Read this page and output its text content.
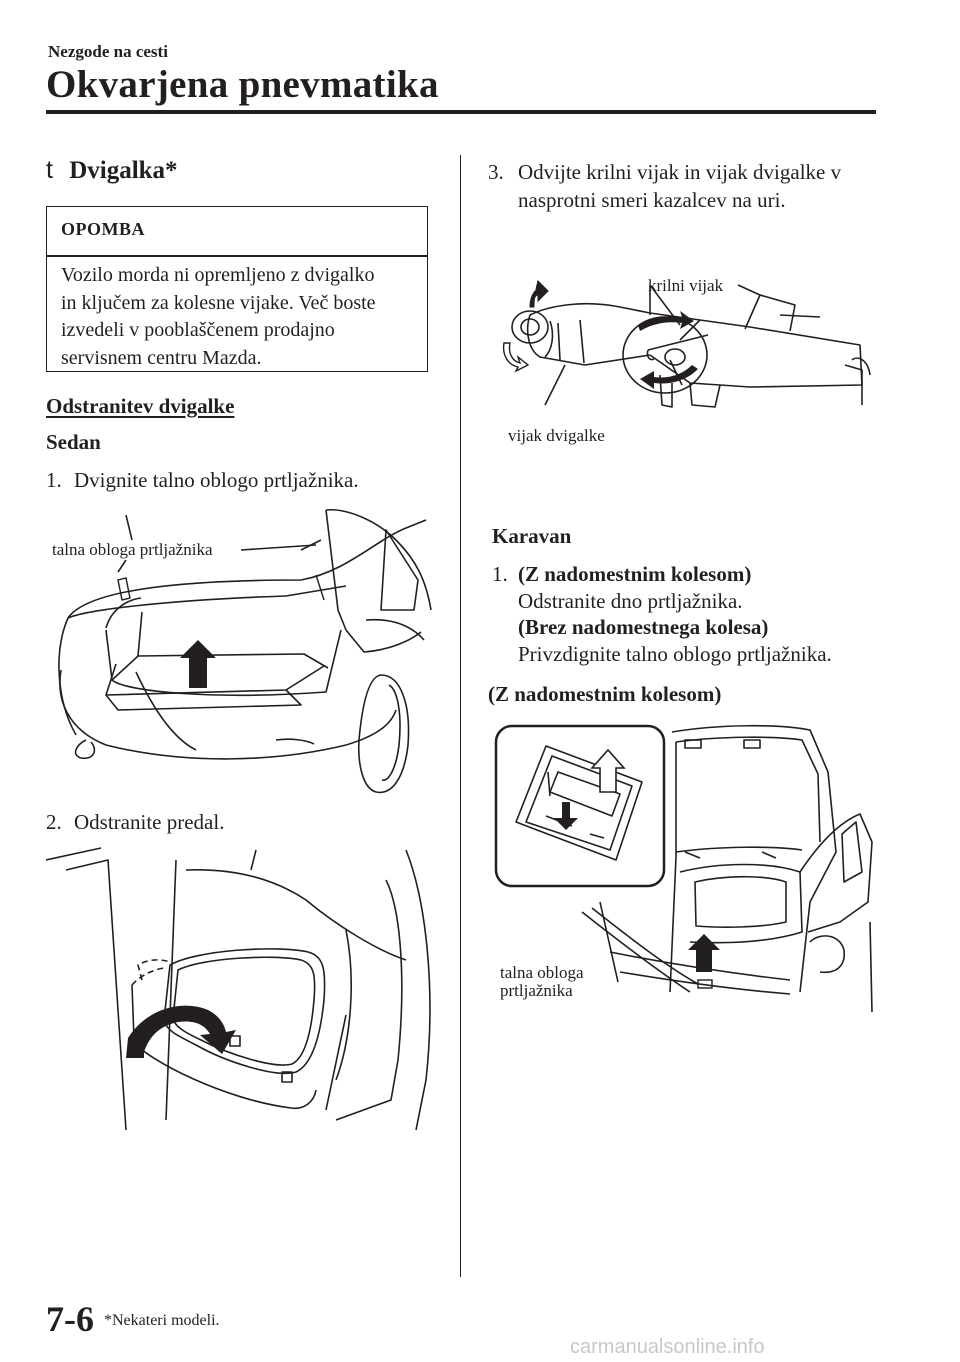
Nezgode na cesti
Okvarjena pnevmatika
t Dvigalka*
OPOMBA
Vozilo morda ni opremljeno z dvigalko
in ključem za kolesne vijake. Več boste
izvedeli v pooblaščenem prodajno
servisnem centru Mazda.
Odstranitev dvigalke
Sedan
1. Dvignite talno oblogo prtljažnika.
talna obloga prtljažnika
2. Odstranite predal.
3. Odvijte krilni vijak in vijak dvigalke v
nasprotni smeri kazalcev na uri.
krilni vijak
vijak dvigalke
Karavan
1. (Z nadomestnim kolesom)
Odstranite dno prtljažnika.
(Brez nadomestnega kolesa)
Privzdignite talno oblogo prtljažnika.
(Z nadomestnim kolesom)
talna obloga
prtljažnika
7-6 *Nekateri modeli.
carmanualsonline.info
